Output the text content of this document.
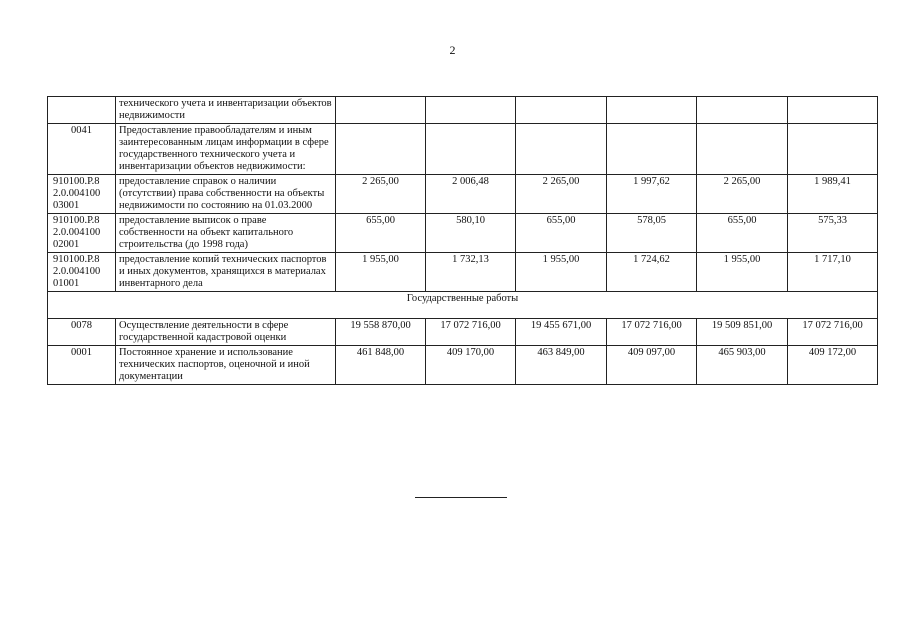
2
	технического учета и инвентаризации объектов недвижимости						
0041	Предоставление правообладателям и иным заинтересованным лицам информации в сфере государственного технического учета и инвентаризации объектов недвижимости:						
910100.Р.8 2.0.004100 03001	предоставление справок о наличии (отсутствии) права собственности на объекты недвижимости по состоянию на 01.03.2000	2 265,00	2 006,48	2 265,00	1 997,62	2 265,00	1 989,41
910100.Р.8 2.0.004100 02001	предоставление выписок о праве собственности на объект капитального строительства (до 1998 года)	655,00	580,10	655,00	578,05	655,00	575,33
910100.Р.8 2.0.004100 01001	предоставление копий технических паспортов и иных документов, хранящихся в материалах инвентарного дела	1 955,00	1 732,13	1 955,00	1 724,62	1 955,00	1 717,10
Государственные работы							
0078	Осуществление деятельности в сфере государственной кадастровой оценки	19 558 870,00	17 072 716,00	19 455 671,00	17 072 716,00	19 509 851,00	17 072 716,00
0001	Постоянное хранение и использование технических паспортов, оценочной и иной документации	461 848,00	409 170,00	463 849,00	409 097,00	465 903,00	409 172,00
